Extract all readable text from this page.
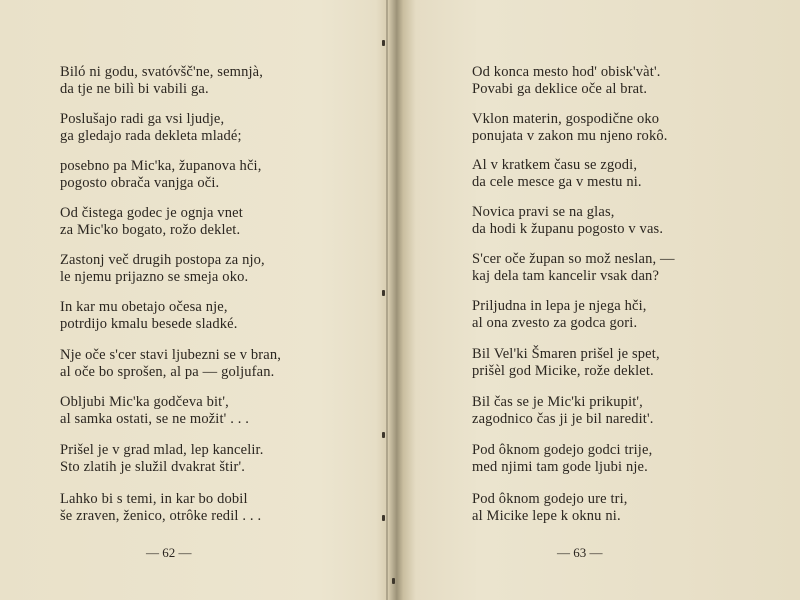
Biló ni godu, svatóvšč'ne, semnjà,
da tje ne bilì bi vabili ga.

Poslušajo radi ga vsi ljudje,
ga gledajo rada dekleta mladé;

posebno pa Mic'ka, županova hči,
pogosto obrača vanjga oči.

Od čistega godec je ognja vnet
za Mic'ko bogato, rožo deklet.

Zastonj več drugih postopa za njo,
le njemu prijazno se smeja oko.

In kar mu obetajo očesa nje,
potrdijo kmalu besede sladké.

Nje oče s'cer stavi ljubezni se v bran,
al oče bo sprošen, al pa — goljufan.

Obljubi Mic'ka godčeva bit',
al samka ostati, se ne možit' . . .

Prišel je v grad mlad, lep kancelir.
Sto zlatih je služil dvakrat štir'.

Lahko bi s temi, in kar bo dobil
še zraven, ženico, otrôke redil . . .

— 62 —

Od konca mesto hod' obisk'vàt'.
Povabi ga deklice oče al brat.

Vklon materin, gospodične oko
ponujata v zakon mu njeno rokô.

Al v kratkem času se zgodi,
da cele mesce ga v mestu ni.

Novica pravi se na glas,
da hodi k županu pogosto v vas.

S'cer oče župan so mož neslan, —
kaj dela tam kancelir vsak dan?

Priljudna in lepa je njega hči,
al ona zvesto za godca gori.

Bil Vel'ki Šmaren prišel je spet,
prišèl god Micike, rože deklet.

Bil čas se je Mic'ki prikupit',
zagodnico čas ji je bil naredit'.

Pod ôknom godejo godci trije,
med njimi tam gode ljubi nje.

Pod ôknom godejo ure tri,
al Micike lepe k oknu ni.

— 63 —
